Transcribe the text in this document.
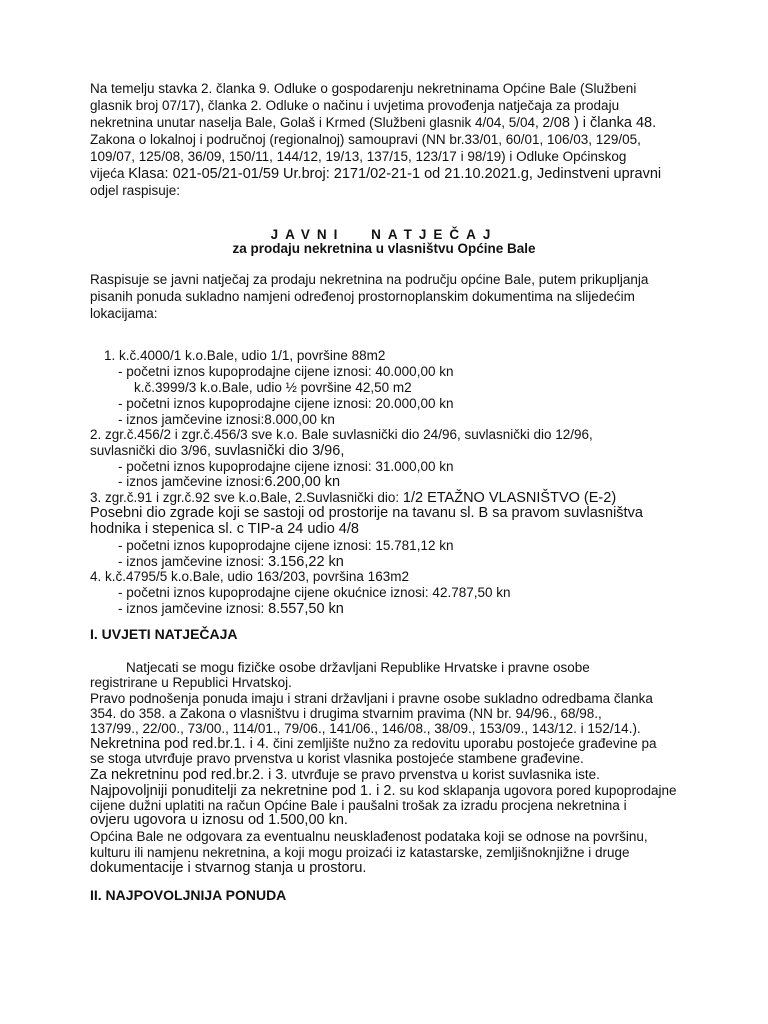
Na temelju stavka 2. članka 9. Odluke o gospodarenju nekretninama Općine Bale (Službeni
glasnik broj 07/17), članka 2. Odluke o načinu i uvjetima provođenja natječaja za prodaju
nekretnina unutar naselja Bale, Golaš i Krmed (Službeni glasnik 4/04, 5/04, 2/08 ) i članka 48.
Zakona o lokalnoj i područnoj (regionalnoj) samoupravi (NN br.33/01, 60/01, 106/03, 129/05,
109/07, 125/08, 36/09, 150/11, 144/12, 19/13, 137/15, 123/17 i 98/19) i Odluke Općinskog
vijeća Klasa: 021-05/21-01/59 Ur.broj: 2171/02-21-1 od 21.10.2021.g, Jedinstveni upravni
odjel raspisuje:
JAVNI NATJEČAJ
za prodaju nekretnina u vlasništvu Općine Bale
Raspisuje se javni natječaj za prodaju nekretnina na području općine Bale, putem prikupljanja
pisanih ponuda sukladno namjeni određenoj prostornoplanskim dokumentima na slijedećim
lokacijama:
1. k.č.4000/1 k.o.Bale, udio 1/1, površine 88m2
- početni iznos kupoprodajne cijene iznosi: 40.000,00 kn
k.č.3999/3 k.o.Bale, udio ½ površine 42,50 m2
- početni iznos kupoprodajne cijene iznosi: 20.000,00 kn
- iznos jamčevine iznosi:8.000,00 kn
2. zgr.č.456/2 i zgr.č.456/3 sve k.o. Bale suvlasnički dio 24/96, suvlasnički dio 12/96,
suvlasnički dio 3/96, suvlasnički dio 3/96,
- početni iznos kupoprodajne cijene iznosi: 31.000,00 kn
- iznos jamčevine iznosi:6.200,00 kn
3. zgr.č.91 i zgr.č.92 sve k.o.Bale, 2.Suvlasnički dio: 1/2 ETAŽNO VLASNIŠTVO (E-2)
Posebni dio zgrade koji se sastoji od prostorije na tavanu sl. B sa pravom suvlasništva
hodnika i stepenica sl. c TIP-a 24 udio 4/8
- početni iznos kupoprodajne cijene iznosi: 15.781,12 kn
- iznos jamčevine iznosi: 3.156,22 kn
4. k.č.4795/5 k.o.Bale, udio 163/203, površina 163m2
- početni iznos kupoprodajne cijene okućnice iznosi: 42.787,50 kn
- iznos jamčevine iznosi: 8.557,50 kn
I. UVJETI NATJEČAJA
Natjecati se mogu fizičke osobe državljani Republike Hrvatske i pravne osobe
registrirane u Republici Hrvatskoj.
Pravo podnošenja ponuda imaju i strani državljani i pravne osobe sukladno odredbama članka
354. do 358. a Zakona o vlasništvu i drugima stvarnim pravima (NN br. 94/96., 68/98.,
137/99., 22/00., 73/00., 114/01., 79/06., 141/06., 146/08., 38/09., 153/09., 143/12. i 152/14.).
Nekretnina pod red.br.1. i 4. čini zemljište nužno za redovitu uporabu postojeće građevine pa
se stoga utvrđuje pravo prvenstva u korist vlasnika postojeće stambene građevine.
Za nekretninu pod red.br.2. i 3. utvrđuje se pravo prvenstva u korist suvlasnika iste.
Najpovoljniji ponuditelji za nekretnine pod 1. i 2. su kod sklapanja ugovora pored kupoprodajne
cijene dužni uplatiti na račun Općine Bale i paušalni trošak za izradu procjena nekretnina i
ovjeru ugovora u iznosu od 1.500,00 kn.
Općina Bale ne odgovara za eventualnu neusklađenost podataka koji se odnose na površinu,
kulturu ili namjenu nekretnina, a koji mogu proizaći iz katastarske, zemljišnoknjižne i druge
dokumentacije i stvarnog stanja u prostoru.
II. NAJPOVOLJNIJA PONUDA
